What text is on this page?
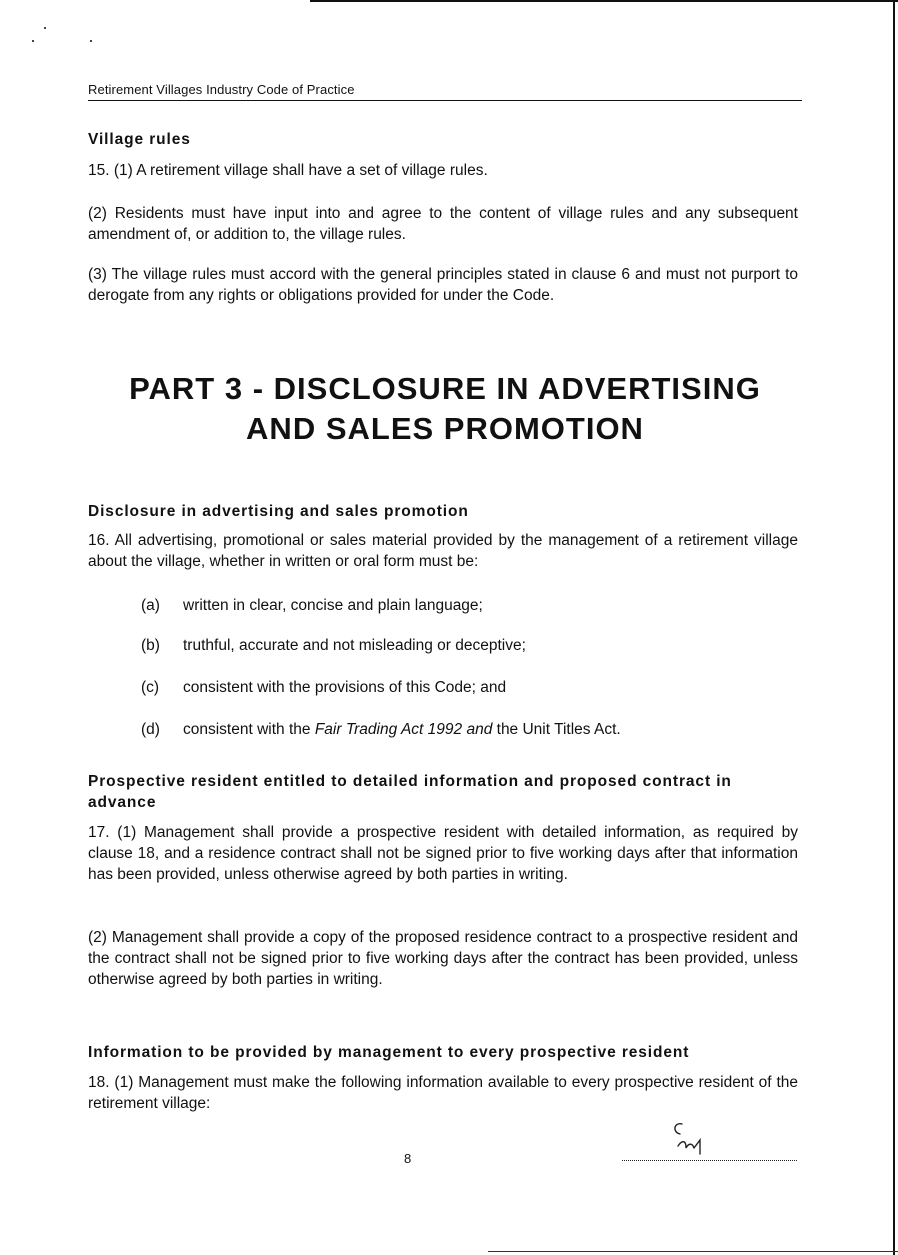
Retirement Villages Industry Code of Practice
Village rules
15. (1) A retirement village shall have a set of village rules.
(2) Residents must have input into and agree to the content of village rules and any subsequent amendment of, or addition to, the village rules.
(3) The village rules must accord with the general principles stated in clause 6 and must not purport to derogate from any rights or obligations provided for under the Code.
PART 3 - DISCLOSURE IN ADVERTISING
AND SALES PROMOTION
Disclosure in advertising and sales promotion
16. All advertising, promotional or sales material provided by the management of a retirement village about the village, whether in written or oral form must be:
(a) written in clear, concise and plain language;
(b) truthful, accurate and not misleading or deceptive;
(c) consistent with the provisions of this Code; and
(d) consistent with the Fair Trading Act 1992 and the Unit Titles Act.
Prospective resident entitled to detailed information and proposed contract in advance
17. (1) Management shall provide a prospective resident with detailed information, as required by clause 18, and a residence contract shall not be signed prior to five working days after that information has been provided, unless otherwise agreed by both parties in writing.
(2) Management shall provide a copy of the proposed residence contract to a prospective resident and the contract shall not be signed prior to five working days after the contract has been provided, unless otherwise agreed by both parties in writing.
Information to be provided by management to every prospective resident
18. (1) Management must make the following information available to every prospective resident of the retirement village:
8
